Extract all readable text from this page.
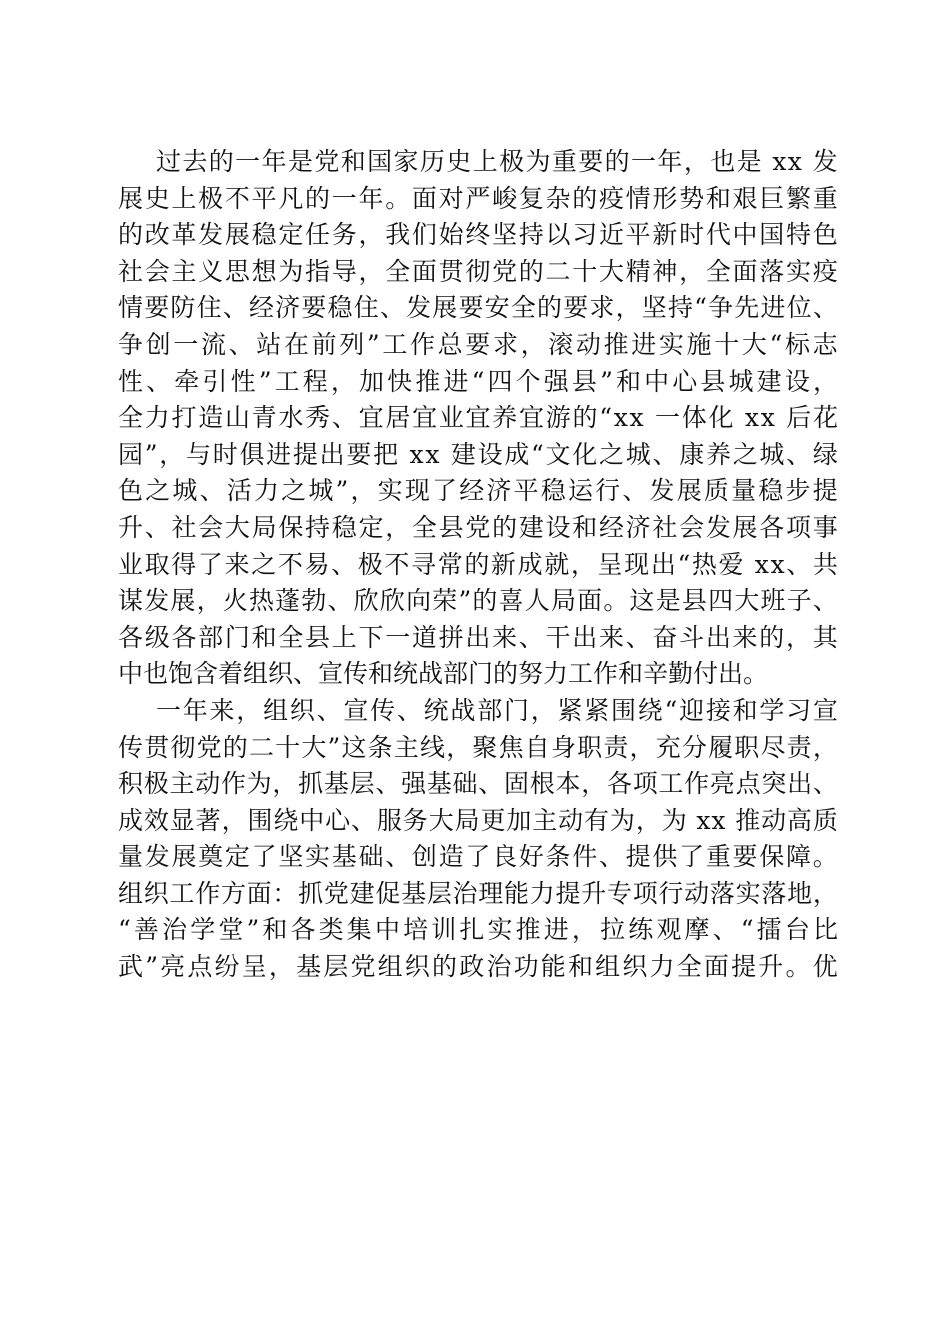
过 去 的 一 年 是 党 和 国 家 历 史 上 极 为 重 要 的 一 年 ， 也 是
x x
发
展 史 上 极 不 平 凡 的 一 年 。 面 对 严 峻 复 杂 的 疫 情 形 势 和 艰 巨 繁 重
的 改 革 发 展 稳 定 任 务 ， 我 们 始 终 坚 持 以 习 近 平 新 时 代 中 国 特 色
社 会 主 义 思 想 为 指 导 ， 全 面 贯 彻 党 的 二 十 大 精 神 ， 全 面 落 实 疫
情 要 防 住 、 经 济 要 稳 住 、 发 展 要 安 全 的 要 求 ， 坚 持 “ 争 先 进 位 、
争 创 一 流 、 站 在 前 列 ” 工 作 总 要 求 ， 滚 动 推 进 实 施 十 大 “ 标 志
性 、 牵 引 性 ” 工 程 ， 加 快 推 进 “ 四 个 强 县 ” 和 中 心 县 城 建 设 ，
全 力 打 造 山 青 水 秀 、 宜 居 宜 业 宜 养 宜 游 的 “ x x
一 体 化
x x
后 花
园 ” ， 与 时 俱 进 提 出 要 把
x x
建 设 成 “ 文 化 之 城 、 康 养 之 城 、 绿
色 之 城 、 活 力 之 城 ” ， 实 现 了 经 济 平 稳 运 行 、 发 展 质 量 稳 步 提
升 、 社 会 大 局 保 持 稳 定 ， 全 县 党 的 建 设 和 经 济 社 会 发 展 各 项 事
业 取 得 了 来 之 不 易 、 极 不 寻 常 的 新 成 就 ， 呈 现 出 “ 热 爱
x x 、 共
谋 发 展 ， 火 热 蓬 勃 、 欣 欣 向 荣 ” 的 喜 人 局 面 。 这 是 县 四 大 班 子 、
各 级 各 部 门 和 全 县 上 下 一 道 拼 出 来 、 干 出 来 、 奋 斗 出 来 的 ， 其
中也饱含着组织、宣传和统战部门的努力工作和辛勤付出。
一 年 来 ， 组 织 、 宣 传 、 统 战 部 门 ， 紧 紧 围 绕 “ 迎 接 和 学 习 宣
传 贯 彻 党 的 二 十 大 ” 这 条 主 线 ， 聚 焦 自 身 职 责 ， 充 分 履 职 尽 责 ，
积 极 主 动 作 为 ， 抓 基 层 、 强 基 础 、 固 根 本 ， 各 项 工 作 亮 点 突 出 、
成 效 显 著 ， 围 绕 中 心 、 服 务 大 局 更 加 主 动 有 为 ， 为
x x
推 动 高 质
量 发 展 奠 定 了 坚 实 基 础 、 创 造 了 良 好 条 件 、 提 供 了 重 要 保 障 。
组 织 工 作 方 面 ： 抓 党 建 促 基 层 治 理 能 力 提 升 专 项 行 动 落 实 落 地 ，
“ 善 治 学 堂 ” 和 各 类 集 中 培 训 扎 实 推 进 ， 拉 练 观 摩 、 “ 擂 台 比
武 ” 亮 点 纷 呈 ， 基 层 党 组 织 的 政 治 功 能 和 组 织 力 全 面 提 升 。 优
